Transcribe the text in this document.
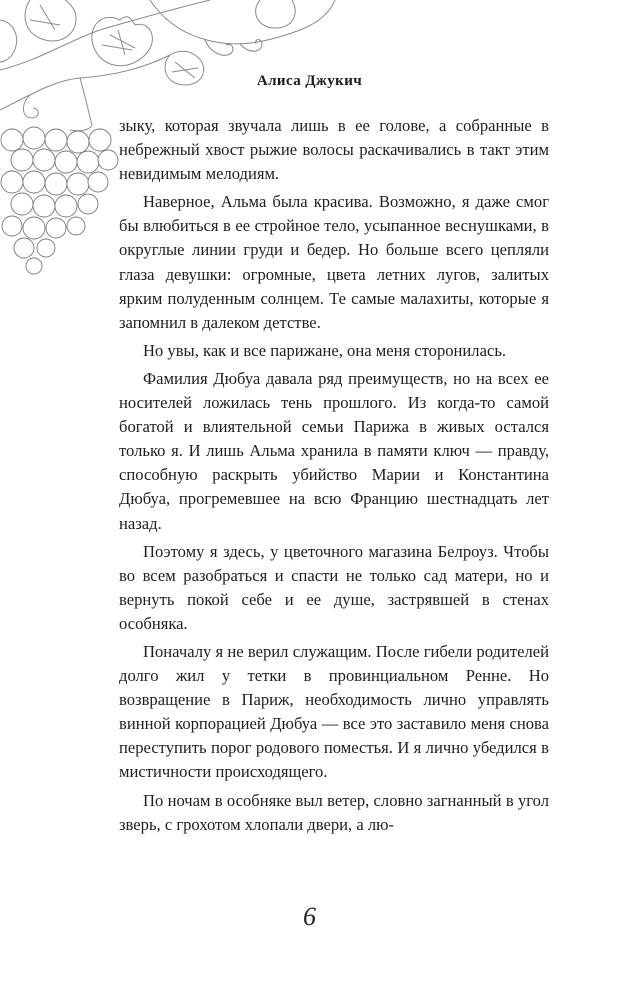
Алиса Джукич

зыку, которая звучала лишь в ее голове, а собранные в небрежный хвост рыжие волосы раскачивались в такт этим невидимым мелодиям.

Наверное, Альма была красива. Возможно, я даже смог бы влюбиться в ее стройное тело, усыпанное веснушками, в округлые линии груди и бедер. Но больше всего цепляли глаза девушки: огромные, цвета летних лугов, залитых ярким полуденным солнцем. Те самые малахиты, которые я запомнил в далеком детстве.

Но увы, как и все парижане, она меня сторонилась.

Фамилия Дюбуа давала ряд преимуществ, но на всех ее носителей ложилась тень прошлого. Из когда-то самой богатой и влиятельной семьи Парижа в живых остался только я. И лишь Альма хранила в памяти ключ — правду, способную раскрыть убийство Марии и Константина Дюбуа, прогремевшее на всю Францию шестнадцать лет назад.

Поэтому я здесь, у цветочного магазина Белроуз. Чтобы во всем разобраться и спасти не только сад матери, но и вернуть покой себе и ее душе, застрявшей в стенах особняка.

Поначалу я не верил служащим. После гибели родителей долго жил у тетки в провинциальном Ренне. Но возвращение в Париж, необходимость лично управлять винной корпорацией Дюбуа — все это заставило меня снова переступить порог родового поместья. И я лично убедился в мистичности происходящего.

По ночам в особняке выл ветер, словно загнанный в угол зверь, с грохотом хлопали двери, а лю-

6
